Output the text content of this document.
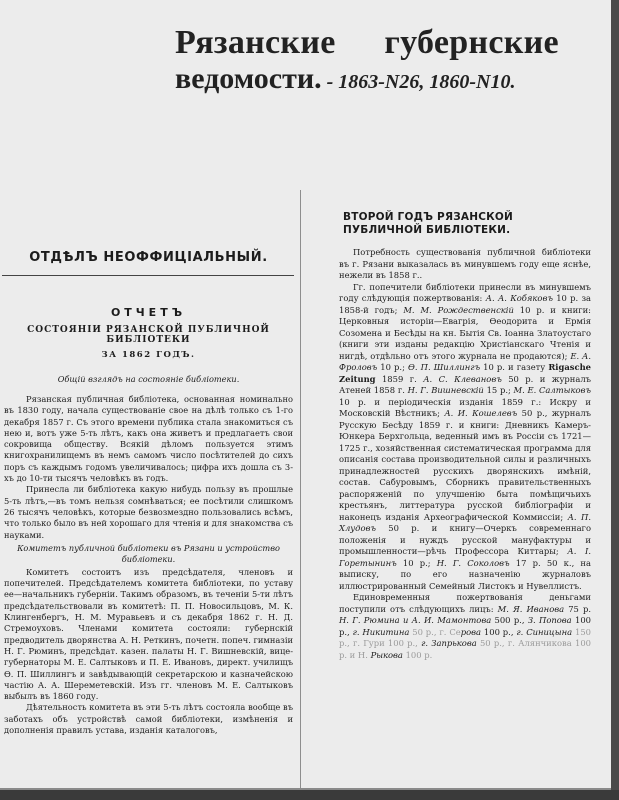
Рязанские губернские
ведомости. - 1863-N26, 1860-N10.
ОТДѢЛЪ НЕОФФИЦІАЛЬНЫЙ.
ОТЧЕТЪ
СОСТОЯНІИ РЯЗАНСКОЙ ПУБЛИЧНОЙ БИБЛІОТЕКИ
ЗА 1862 ГОДЪ.
Общій взглядъ на состояніе библіотеки.

Рязанская публичная библіотека, основанная номинально въ 1830 году, начала существованіе свое на дѣлѣ только съ 1-го декабря 1857 г. Съ этого времени публика стала знакомиться съ нею и, вотъ уже 5-ть лѣтъ, какъ она живетъ и предлагаетъ свои сокровища обществу. Всякій дѣломъ пользуется этимъ книгохранилищемъ въ немъ самомъ число посѣтителей до сихъ поръ съ каждымъ годомъ увеличивалось; цифра ихъ дошла съ 3-хъ до 10-ти тысячъ человѣкъ въ годъ.

Принесла ли библіотека какую нибудь пользу въ прошлые 5-ть лѣтъ,—въ томъ нельзя сомнѣваться; ее посѣтили слишкомъ 26 тысячъ человѣкъ, которые безвозмездно пользовались всѣмъ, что только было въ ней хорошаго для чтенія и для знакомства съ науками.

Комитетъ публичной библіотеки въ Рязани и устройство библіотеки.

Комитетъ состоитъ изъ предсѣдателя, членовъ и попечителей. Предсѣдателемъ комитета библіотеки, по уставу ее—начальникъ губерніи. Такимъ образомъ, въ теченіи 5-ти лѣтъ предсѣдательствовали въ комитетѣ: П. П. Новосильцовъ, М. К. Клингенбергъ, Н. М. Муравьевъ и съ декабря 1862 г. Н. Д. Стремоуховъ. Членами комитета состояли: губернскій предводитель дворянства А. Н. Реткинъ, почетн. попеч. гимназіи Н. Г. Рюминъ, предсѣдат. казен. палаты Н. Г. Вишневскій, вице-губернаторы М. Е. Салтыковъ и П. Е. Ивановъ, директ. училищъ Ѳ. П. Шиллингъ и завѣдывающій секретарскою и казначейскою частію А. А. Шереметевскій. Изъ гг. членовъ М. Е. Салтыковъ выбылъ въ 1860 году.

Дѣятельность комитета въ эти 5-ть лѣтъ состояла вообще въ заботахъ объ устройствѣ самой библіотеки, измѣненія и дополненія правилъ устава, изданія каталоговъ,

ВТОРОЙ ГОДЪ РЯЗАНСКОЙ ПУБЛИЧНОЙ БИБЛІОТЕКИ.

Потребность существованія публичной библіотеки въ г. Рязани выказалась въ минувшемъ году еще яснѣе, нежели въ 1858 г..

Гг. попечители библіотеки принесли въ минувшемъ году слѣдующія пожертвованія: А. А. Кобяковъ 10 р. за 1858-й годъ; М. М. Рождественскій 10 р. и книги: Церковныя исторіи—Евагрія, Ѳеодорита и Ермія Созомена и Бесѣды на кн. Бытія Св. Іоанна Златоустаго (книги эти изданы редакцію Христіанскаго Чтенія и нигдѣ, отдѣльно отъ этого журнала не продаются); Е. А. Фроловъ 10 р.; Ѳ. П. Шиллингъ 10 р. и газету Rigasche Zeitung 1859 г. А. С. Клевановъ 50 р. и журналъ Атеней 1858 г. Н. Г. Вишневскій 15 р.; М. Е. Салтыковъ 10 р. и періодическія изданія 1859 г.: Искру и Московскій Вѣстникъ; А. И. Кошелевъ 50 р., журналъ Русскую Бесѣду 1859 г. и книги: Дневникъ Камеръ-Юнкера Берхгольца, веденный имъ въ Россіи съ 1721—1725 г., хозяйственная систематическая программа для описанія состава производительной силы и различныхъ принадлежностей русскихъ дворянскихъ имѣній, состав. Сабуровымъ, Сборникъ правительственныхъ распоряженій по улучшенію быта помѣщичьихъ крестьянъ, литтература русской библіографіи и наконецъ изданія Археографической Коммиссіи; А. П. Хлудовъ 50 р. и книгу—Очеркъ современнаго положенія и нуждъ русской мануфактуры и промышленности—рѣчь Профессора Киттары; А. I. Горетынинъ 10 р.; Н. Г. Соколовъ 17 р. 50 к., на выписку, по его назначенію журналовъ иллюстрированный Семейный Листокъ и Нувеллистъ.

Единовременныя пожертвованія деньгами поступили отъ слѣдующихъ лицъ: М. Я. Иванова 75 р. Н. Г. Рюмина и А. И. Мамонтова 500 р., З. Попова 100 р., г. Никитина 50 р., г. Серова 100 р., г. Синицына 150 р., г. Гури 100 р., г. Запрькова 50 р., г. Алянчикова 100 р. и Н. Рыкова 100 р.
